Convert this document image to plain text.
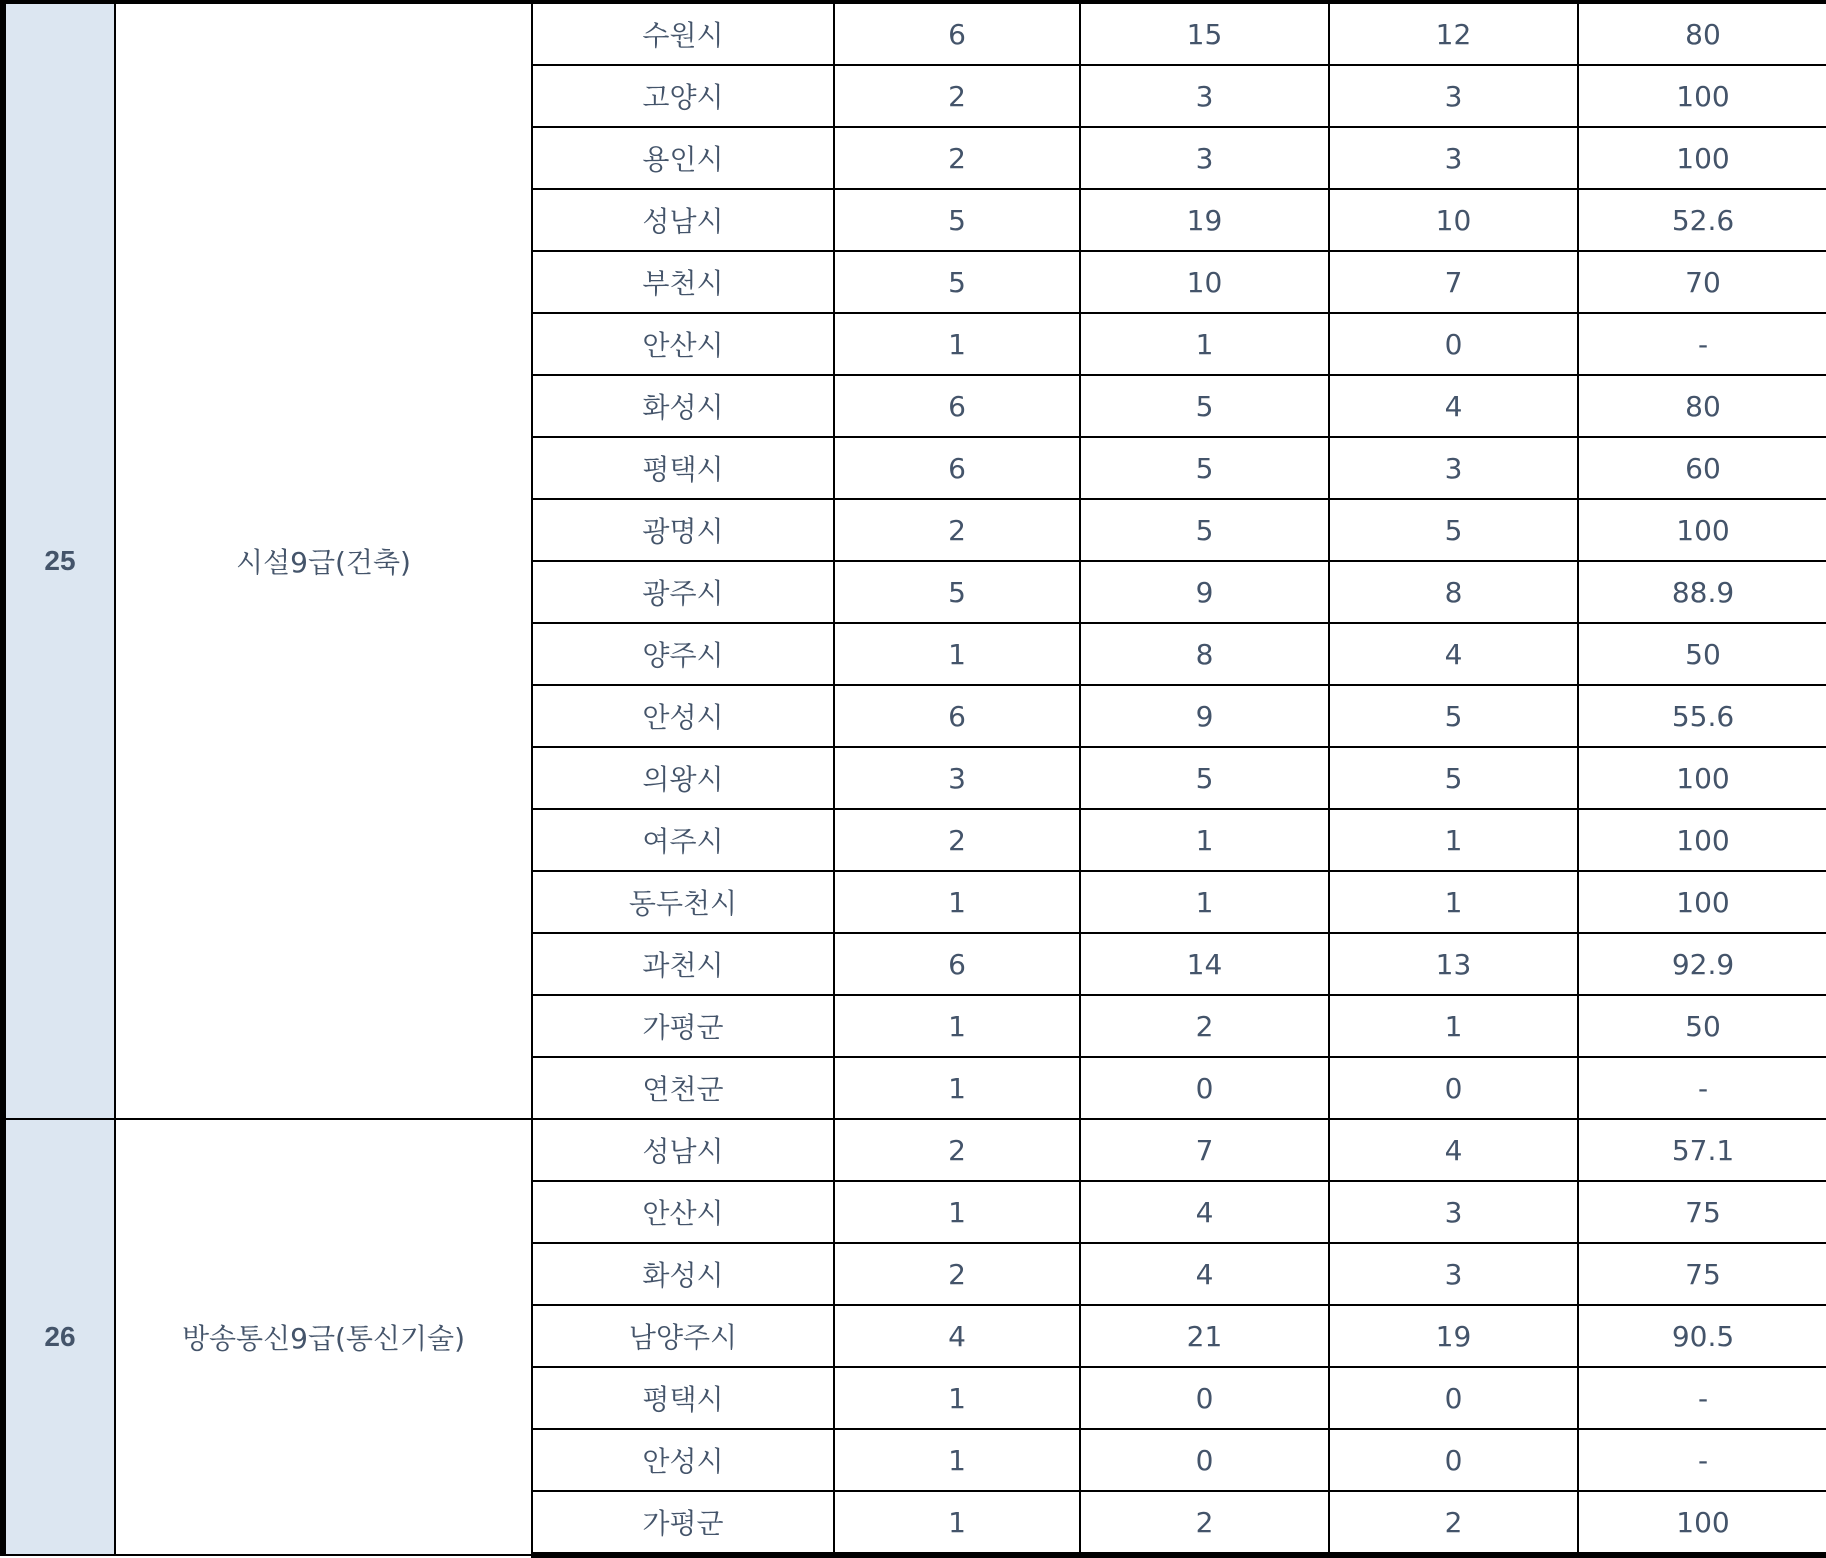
25	시설9급(건축)	수원시	6	15	12	80
		고양시	2	3	3	100
		용인시	2	3	3	100
		성남시	5	19	10	52.6
		부천시	5	10	7	70
		안산시	1	1	0	-
		화성시	6	5	4	80
		평택시	6	5	3	60
		광명시	2	5	5	100
		광주시	5	9	8	88.9
		양주시	1	8	4	50
		안성시	6	9	5	55.6
		의왕시	3	5	5	100
		여주시	2	1	1	100
		동두천시	1	1	1	100
		과천시	6	14	13	92.9
		가평군	1	2	1	50
		연천군	1	0	0	-
26	방송통신9급(통신기술)	성남시	2	7	4	57.1
		안산시	1	4	3	75
		화성시	2	4	3	75
		남양주시	4	21	19	90.5
		평택시	1	0	0	-
		안성시	1	0	0	-
		가평군	1	2	2	100
